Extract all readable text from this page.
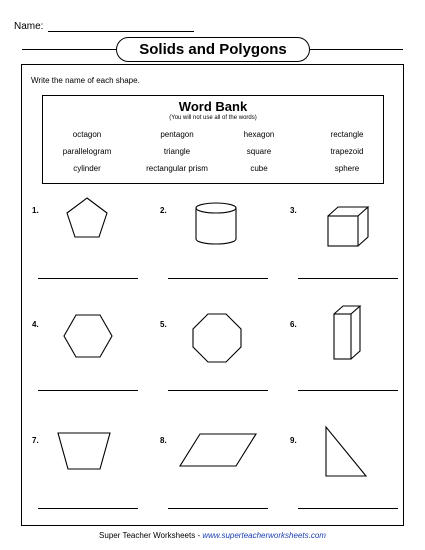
Name:
Solids and Polygons
Write the name of each shape.
Word Bank
(You will not use all of the words)
octagon	pentagon	hexagon	rectangle
parallelogram	triangle	square	trapezoid
cylinder	rectangular prism	cube	sphere
1.	2.	3.
4.	5.	6.
7.	8.	9.
Super Teacher Worksheets - www.superteacherworksheets.com
